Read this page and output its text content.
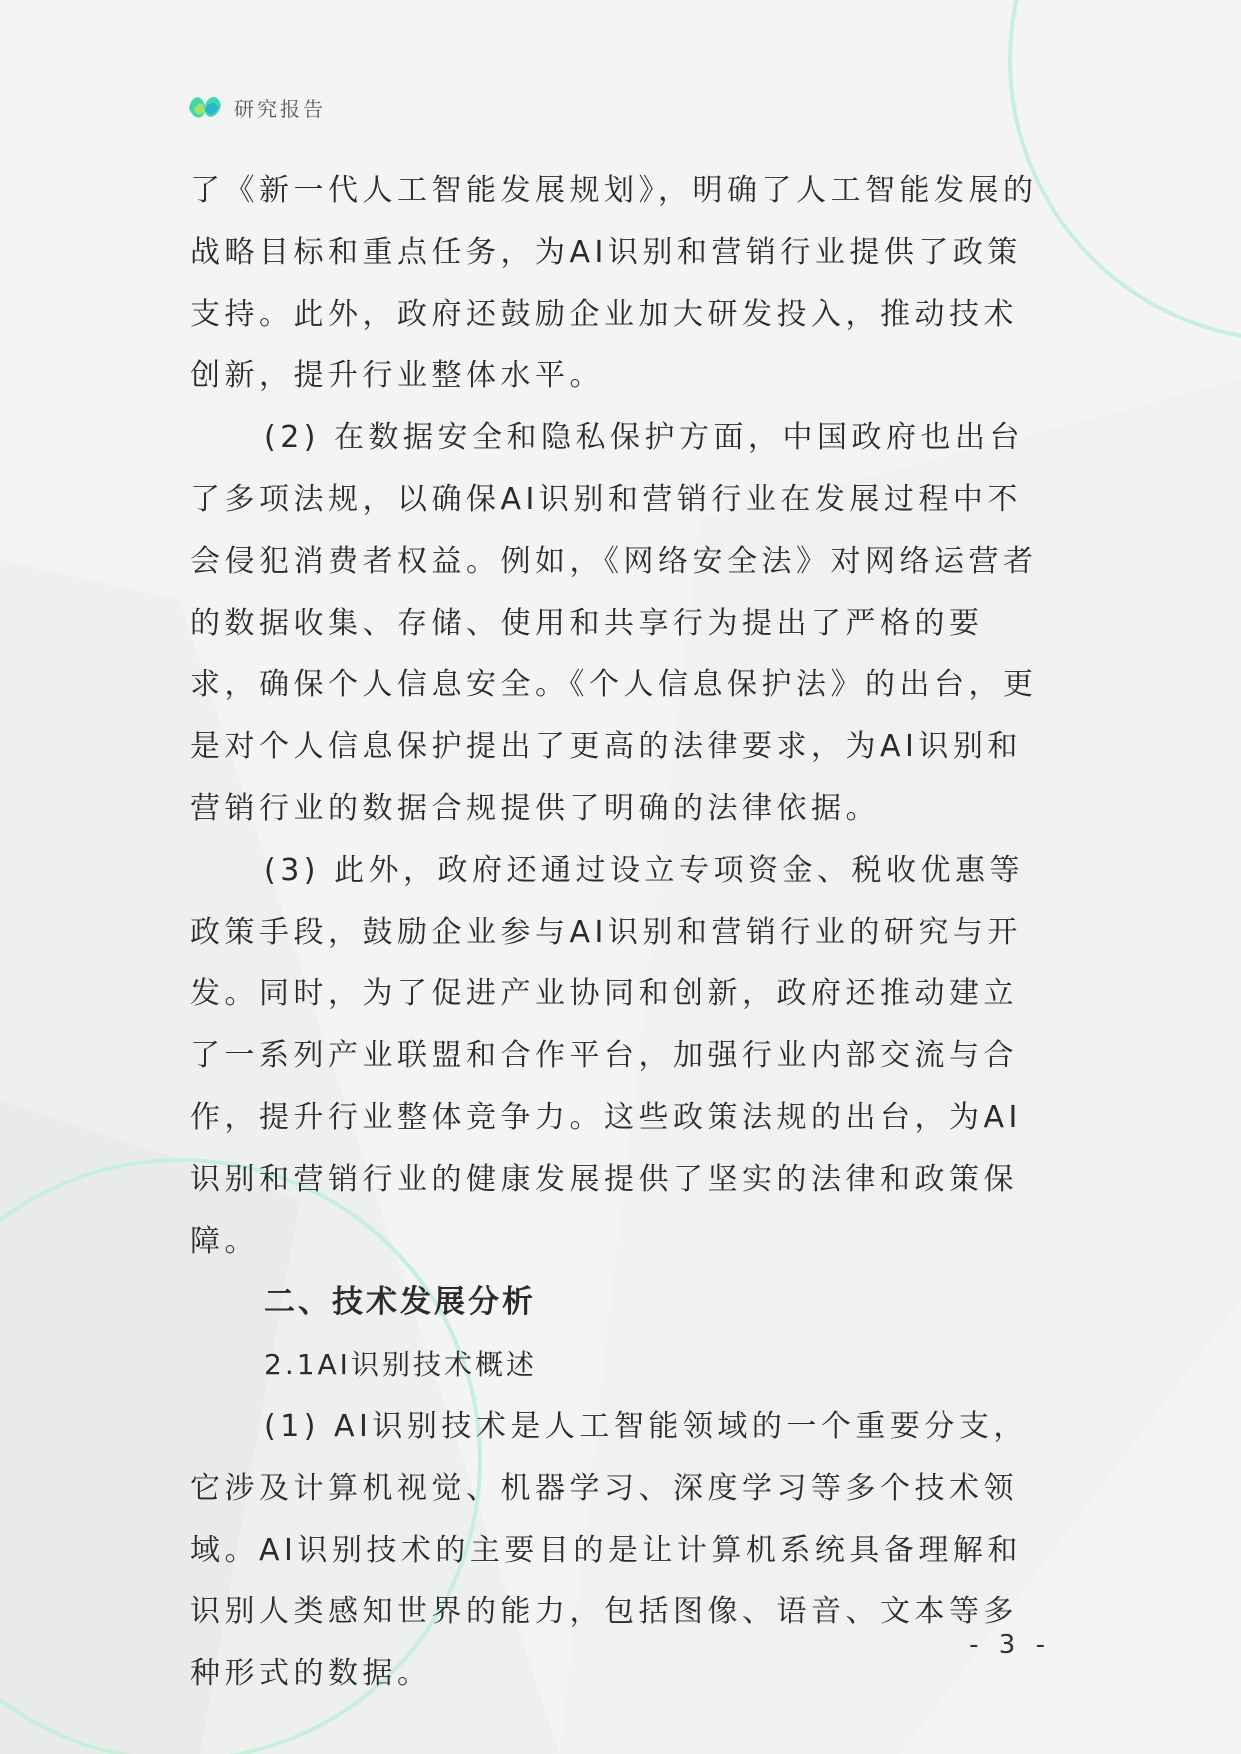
研究报告

了《新一代人工智能发展规划》，明确了人工智能发展的战略目标和重点任务，为AI识别和营销行业提供了政策支持。此外，政府还鼓励企业加大研发投入，推动技术创新，提升行业整体水平。

(2) 在数据安全和隐私保护方面，中国政府也出台了多项法规，以确保AI识别和营销行业在发展过程中不会侵犯消费者权益。例如，《网络安全法》对网络运营者的数据收集、存储、使用和共享行为提出了严格的要求，确保个人信息安全。《个人信息保护法》的出台，更是对个人信息保护提出了更高的法律要求，为AI识别和营销行业的数据合规提供了明确的法律依据。

(3) 此外，政府还通过设立专项资金、税收优惠等政策手段，鼓励企业参与AI识别和营销行业的研究与开发。同时，为了促进产业协同和创新，政府还推动建立了一系列产业联盟和合作平台，加强行业内部交流与合作，提升行业整体竞争力。这些政策法规的出台，为AI识别和营销行业的健康发展提供了坚实的法律和政策保障。

二、技术发展分析

2.1AI识别技术概述

(1) AI识别技术是人工智能领域的一个重要分支，它涉及计算机视觉、机器学习、深度学习等多个技术领域。AI识别技术的主要目的是让计算机系统具备理解和识别人类感知世界的能力，包括图像、语音、文本等多种形式的数据。

- 3 -
